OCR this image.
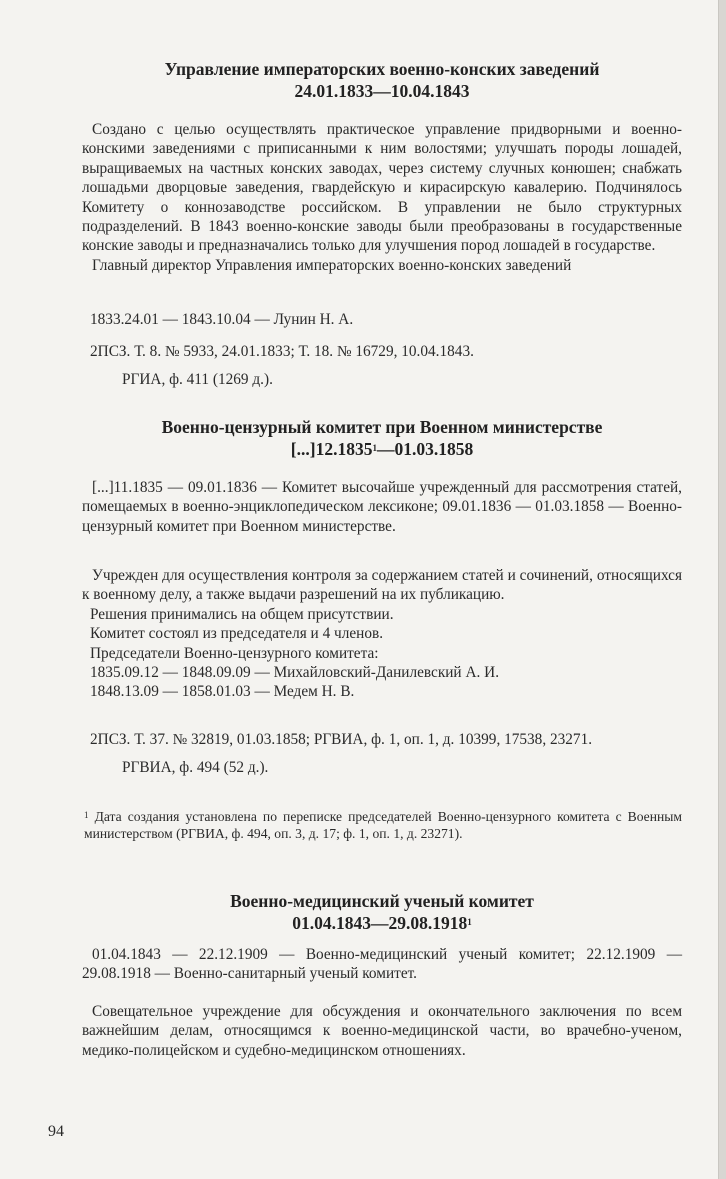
Управление императорских военно-конских заведений
24.01.1833—10.04.1843

Создано с целью осуществлять практическое управление придворными и военно-конскими заведениями с приписанными к ним волостями; улучшать породы лошадей, выращиваемых на частных конских заводах, через систему случных конюшен; снабжать лошадьми дворцовые заведения, гвардейскую и кирасирскую кавалерию. Подчинялось Комитету о коннозаводстве российском. В управлении не было структурных подразделений. В 1843 военно-конские заводы были преобразованы в государственные конские заводы и предназначались только для улучшения пород лошадей в государстве.

Главный директор Управления императорских военно-конских заведений

1833.24.01 — 1843.10.04 — Лунин Н. А.

2ПСЗ. Т. 8. № 5933, 24.01.1833; Т. 18. № 16729, 10.04.1843.

РГИА, ф. 411 (1269 д.).

Военно-цензурный комитет при Военном министерстве
[...]12.1835$^1$—01.03.1858

[...]11.1835 — 09.01.1836 — Комитет высочайше учрежденный для рассмотрения статей, помещаемых в военно-энциклопедическом лексиконе; 09.01.1836 — 01.03.1858 — Военно-цензурный комитет при Военном министерстве.

Учрежден для осуществления контроля за содержанием статей и сочинений, относящихся к военному делу, а также выдачи разрешений на их публикацию.

Решения принимались на общем присутствии.

Комитет состоял из председателя и 4 членов.

Председатели Военно-цензурного комитета:

1835.09.12 — 1848.09.09 — Михайловский-Данилевский А. И.

1848.13.09 — 1858.01.03 — Медем Н. В.

2ПСЗ. Т. 37. № 32819, 01.03.1858; РГВИА, ф. 1, оп. 1, д. 10399, 17538, 23271.

РГВИА, ф. 494 (52 д.).

$^1$ Дата создания установлена по переписке председателей Военно-цензурного комитета с Военным министерством (РГВИА, ф. 494, оп. 3, д. 17; ф. 1, оп. 1, д. 23271).

Военно-медицинский ученый комитет
01.04.1843—29.08.1918$^1$

01.04.1843 — 22.12.1909 — Военно-медицинский ученый комитет; 22.12.1909 — 29.08.1918 — Военно-санитарный ученый комитет.

Совещательное учреждение для обсуждения и окончательного заключения по всем важнейшим делам, относящимся к военно-медицинской части, во врачебно-ученом, медико-полицейском и судебно-медицинском отношениях.

94
